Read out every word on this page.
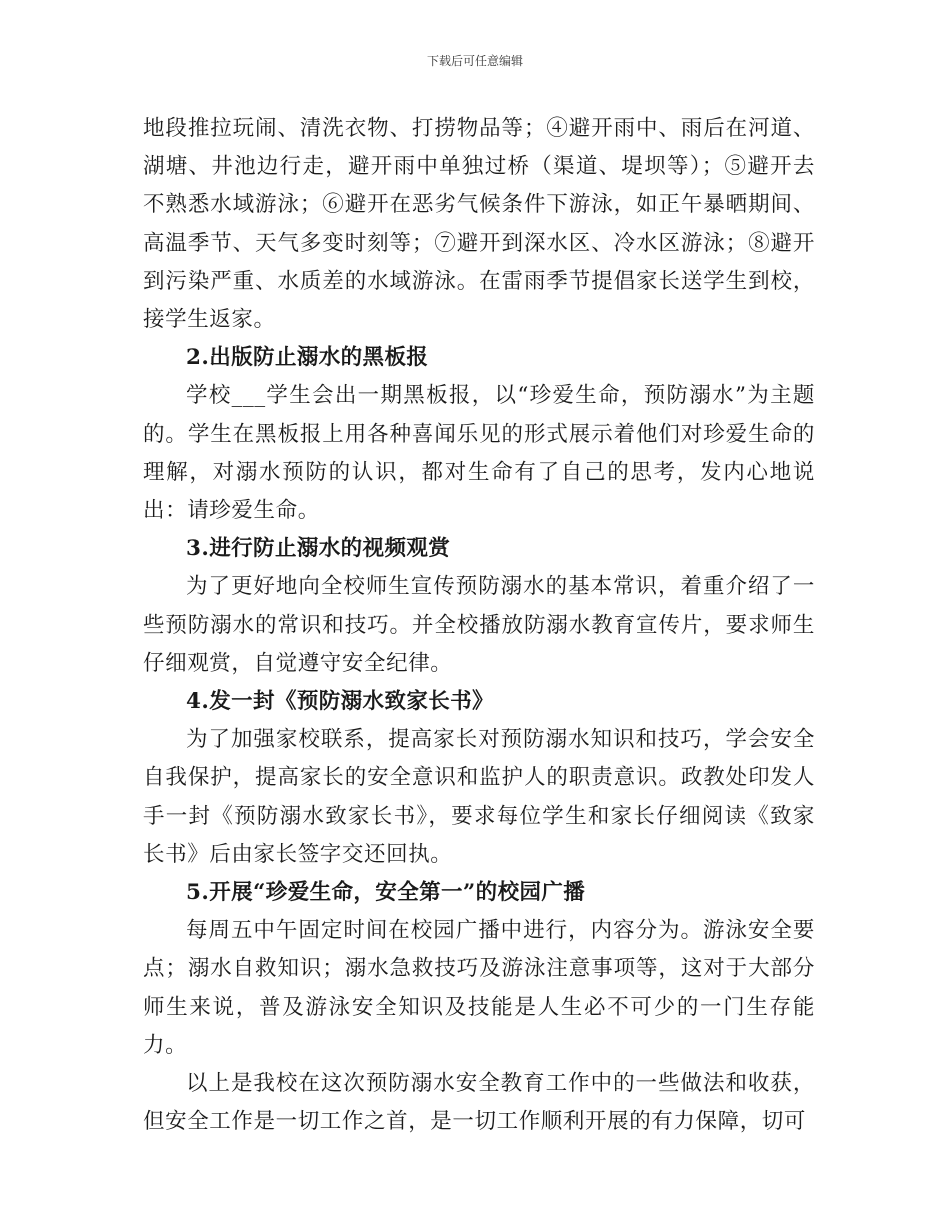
下载后可任意编辑

地段推拉玩闹、清洗衣物、打捞物品等；④避开雨中、雨后在河道、湖塘、井池边行走，避开雨中单独过桥（渠道、堤坝等）；⑤避开去不熟悉水域游泳；⑥避开在恶劣气候条件下游泳，如正午暴晒期间、高温季节、天气多变时刻等；⑦避开到深水区、冷水区游泳；⑧避开到污染严重、水质差的水域游泳。在雷雨季节提倡家长送学生到校，接学生返家。

2.出版防止溺水的黑板报

学校___学生会出一期黑板报，以“珍爱生命，预防溺水”为主题的。学生在黑板报上用各种喜闻乐见的形式展示着他们对珍爱生命的理解，对溺水预防的认识，都对生命有了自己的思考，发内心地说出：请珍爱生命。

3.进行防止溺水的视频观赏

为了更好地向全校师生宣传预防溺水的基本常识，着重介绍了一些预防溺水的常识和技巧。并全校播放防溺水教育宣传片，要求师生仔细观赏，自觉遵守安全纪律。

4.发一封《预防溺水致家长书》

为了加强家校联系，提高家长对预防溺水知识和技巧，学会安全自我保护，提高家长的安全意识和监护人的职责意识。政教处印发人手一封《预防溺水致家长书》，要求每位学生和家长仔细阅读《致家长书》后由家长签字交还回执。

5.开展“珍爱生命，安全第一”的校园广播

每周五中午固定时间在校园广播中进行，内容分为。游泳安全要点；溺水自救知识；溺水急救技巧及游泳注意事项等，这对于大部分师生来说，普及游泳安全知识及技能是人生必不可少的一门生存能力。

以上是我校在这次预防溺水安全教育工作中的一些做法和收获，但安全工作是一切工作之首，是一切工作顺利开展的有力保障，切可
